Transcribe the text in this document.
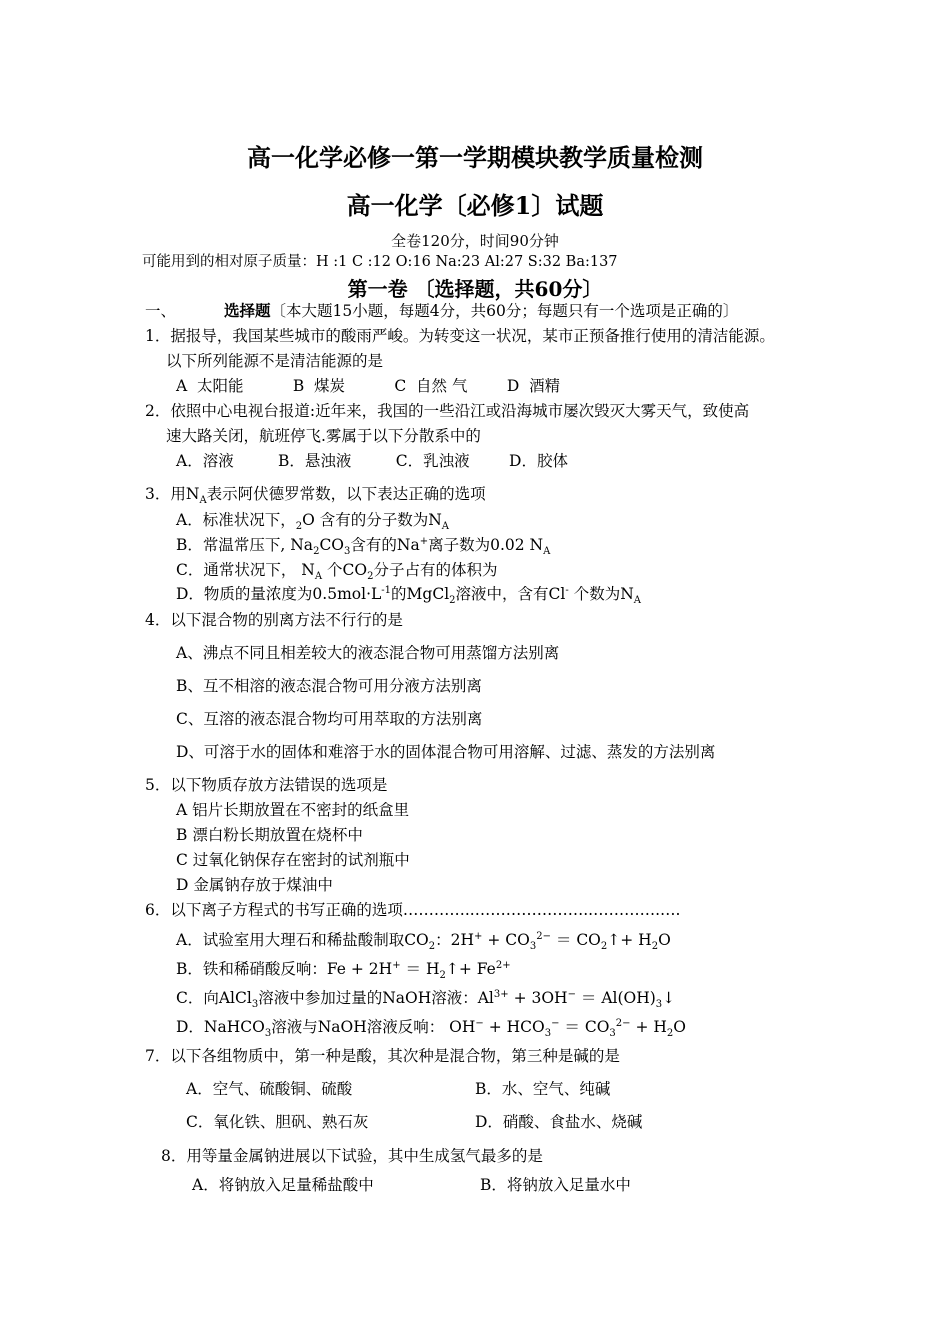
高一化学必修一第一学期模块教学质量检测
高一化学〔必修1〕试题
全卷120分，时间90分钟
可能用到的相对原子质量：H :1 C :12 O:16 Na:23 Al:27 S:32 Ba:137
第一卷 〔选择题，共60分〕
一、	选择题〔本大题15小题，每题4分，共60分；每题只有一个选项是正确的〕
1．据报导，我国某些城市的酸雨严峻。为转变这一状况，某市正预备推行使用的清洁能源。
以下所列能源不是清洁能源的是
A  太阳能          B  煤炭          C  自然 气        D  酒精
2．依照中心电视台报道:近年来，我国的一些沿江或沿海城市屡次毁灭大雾天气，致使高
速大路关闭，航班停飞.雾属于以下分散系中的
A．溶液         B．悬浊液         C．乳浊液        D．胶体
3．用$N_A$表示阿伏德罗常数，以下表达正确的选项
A．标准状况下，$_2$O 含有的分子数为$N_A$
B．常温常压下, $Na_2CO_3$含有的Na+离子数为0.02 $N_A$
C．通常状况下， $N_A$ 个$CO_2$分子占有的体积为
D．物质的量浓度为$0.5mol\cdot L^{-1}$的MgCl$_2$溶液中，含有Cl- 个数为$N_A$
4．以下混合物的别离方法不行行的是
A、沸点不同且相差较大的液态混合物可用蒸馏方法别离
B、互不相溶的液态混合物可用分液方法别离
C、互溶的液态混合物均可用萃取的方法别离
D、可溶于水的固体和难溶于水的固体混合物可用溶解、过滤、蒸发的方法别离
5．以下物质存放方法错误的选项是
A 铝片长期放置在不密封的纸盒里
B 漂白粉长期放置在烧杯中
C 过氧化钠保存在密封的试剂瓶中
D 金属钠存放于煤油中
6．以下离子方程式的书写正确的选项…………..…………………..………….….
A．试验室用大理石和稀盐酸制取$CO_2$：$2H^+ + CO_3^{2-}$ ＝ $CO_2↑+ H_2O$
B．铁和稀硝酸反响：$Fe + 2H^+ = H_2↑+ Fe^{2+}$
C．向AlCl$_3$溶液中参加过量的NaOH溶液：$Al^{3+} + 3OH^-$ ＝ $Al(OH)_3↓$
D．NaHCO$_3$溶液与NaOH溶液反响： $OH^- + HCO_3^- = CO_3^{2-} + H_2O$
7．以下各组物质中，第一种是酸，其次种是混合物，第三种是碱的是
A．空气、硫酸铜、硫酸	B．水、空气、纯碱
C．氧化铁、胆矾、熟石灰	D．硝酸、食盐水、烧碱
8．用等量金属钠进展以下试验，其中生成氢气最多的是
A．将钠放入足量稀盐酸中	B．将钠放入足量水中
